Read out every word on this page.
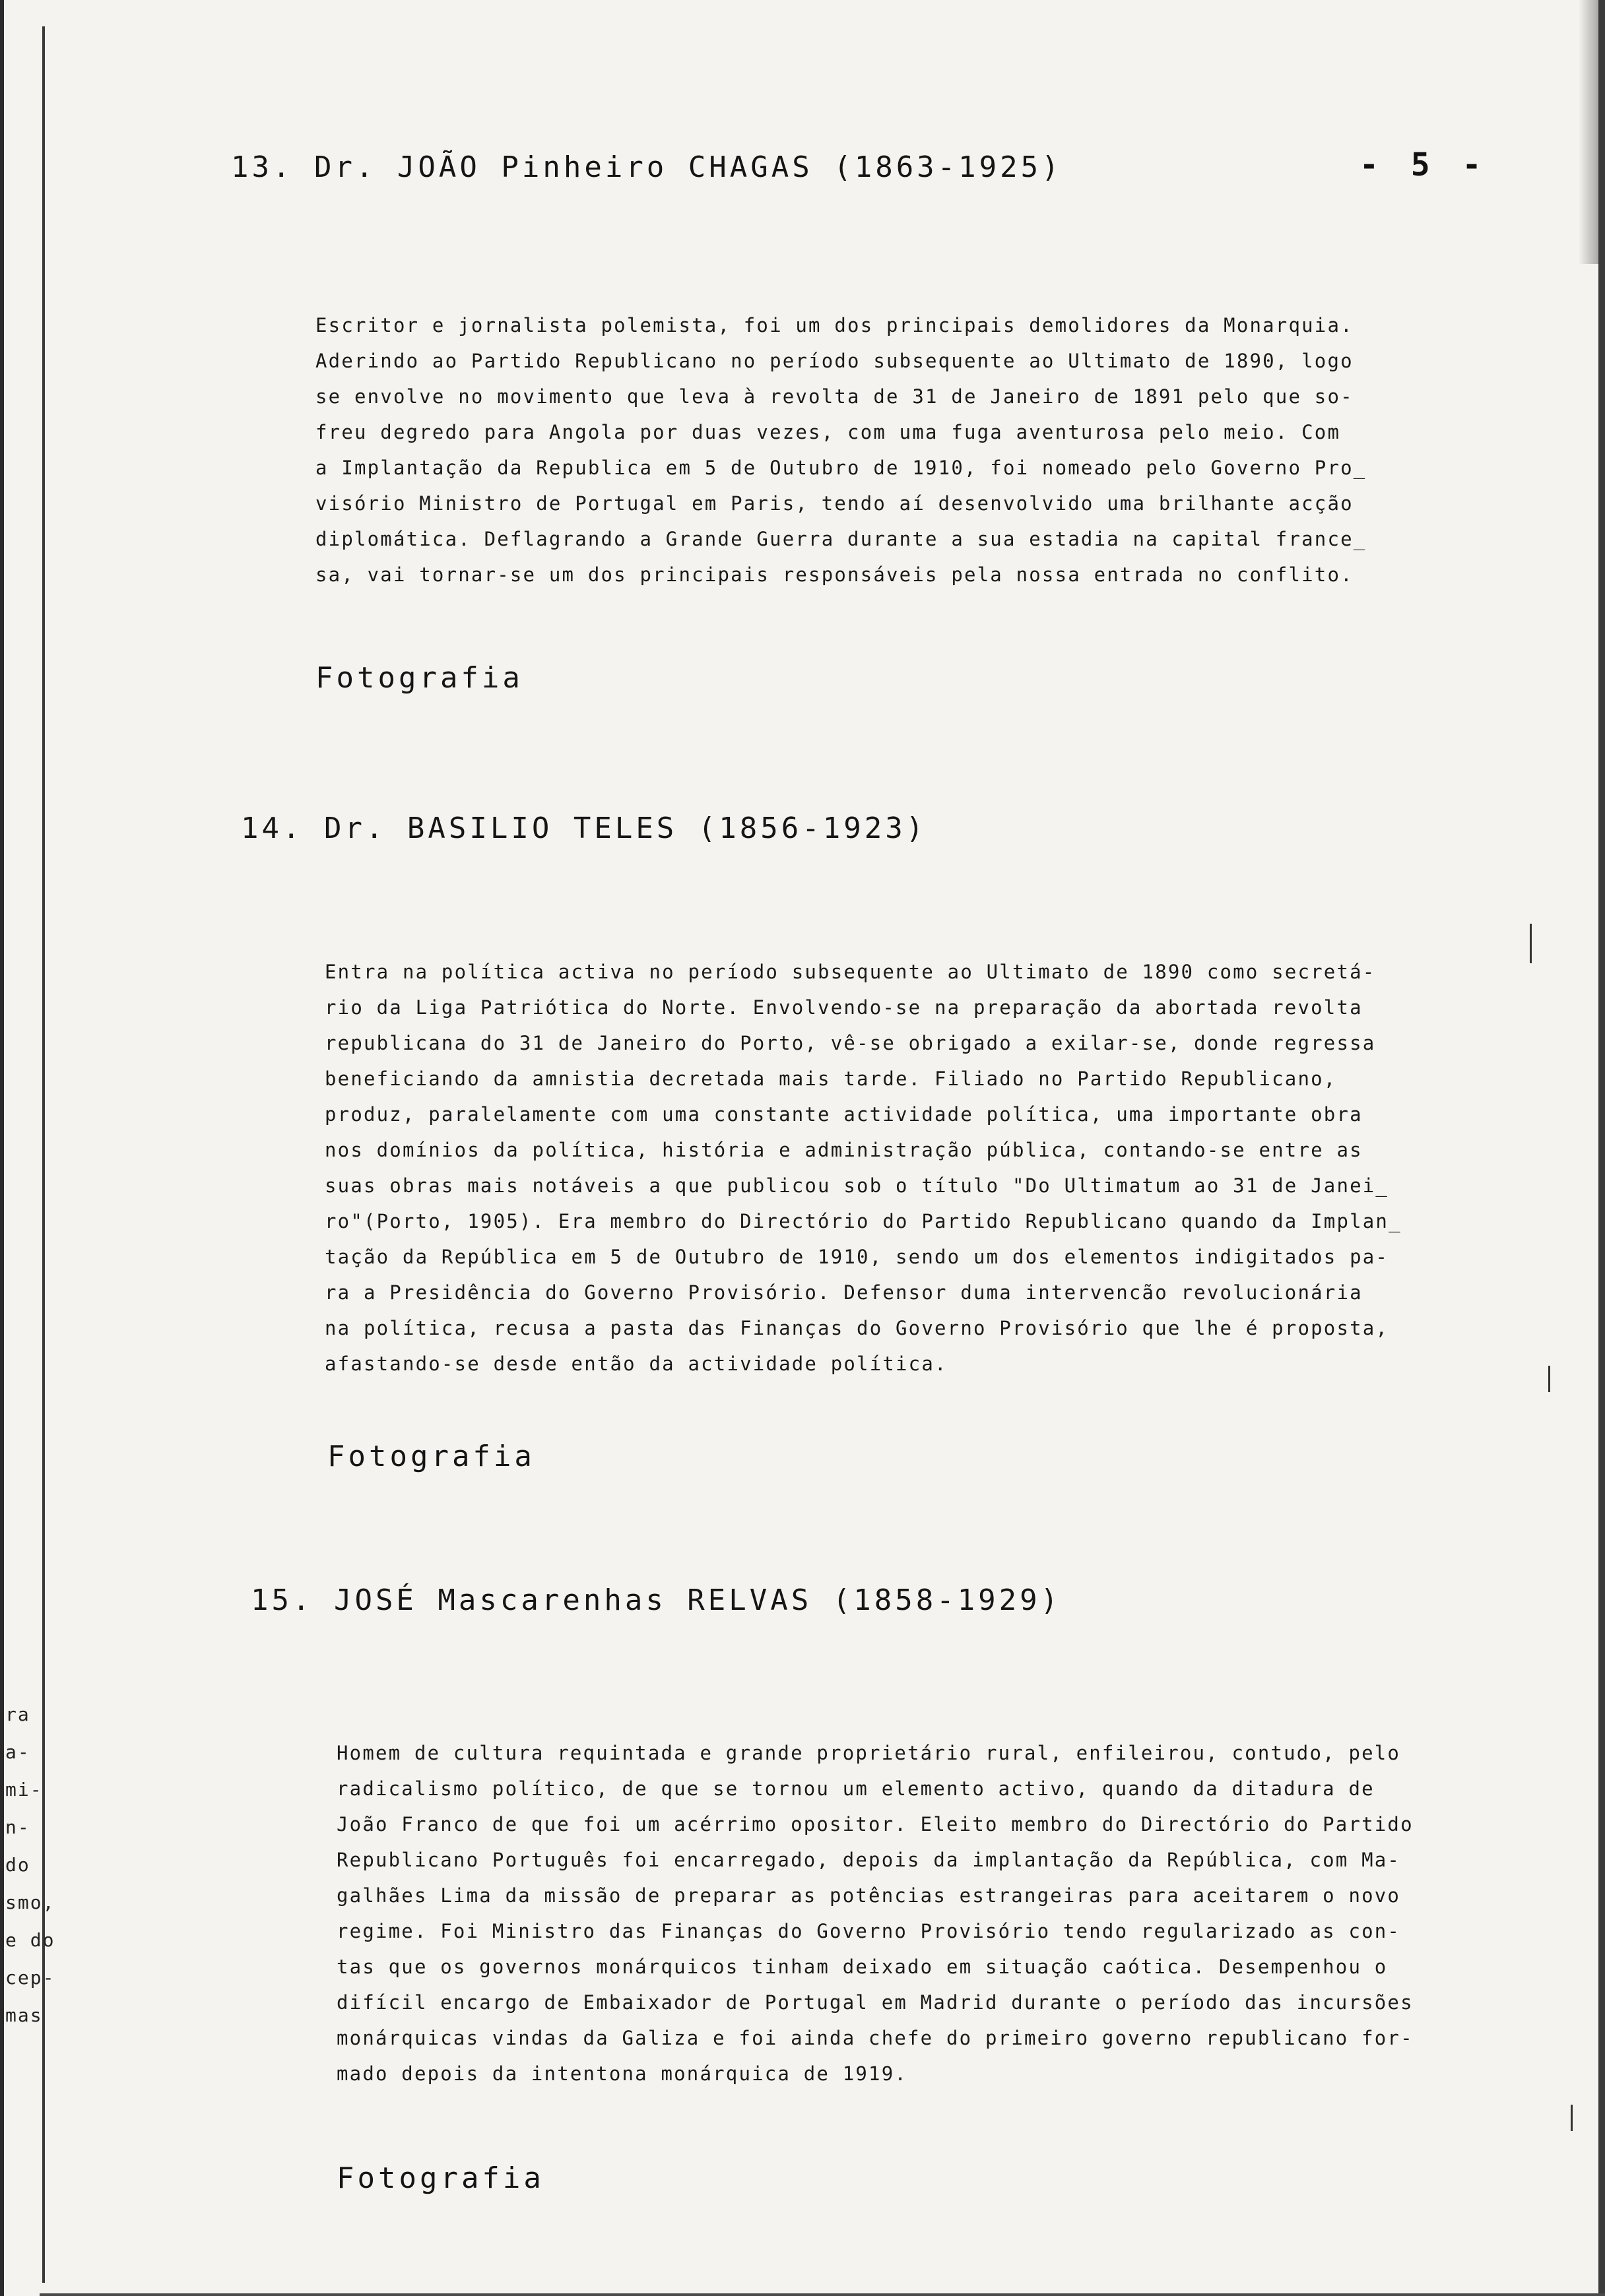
ra
a-
mi-
n-
do
smo,
e do
cep-
mas
- 5 -
13. Dr. JOÃO Pinheiro CHAGAS (1863-1925)
Escritor e jornalista polemista, foi um dos principais demolidores da Monarquia.
Aderindo ao Partido Republicano no período subsequente ao Ultimato de 1890, logo
se envolve no movimento que leva à revolta de 31 de Janeiro de 1891 pelo que so-
freu degredo para Angola por duas vezes, com uma fuga aventurosa pelo meio. Com
a Implantação da Republica em 5 de Outubro de 1910, foi nomeado pelo Governo Pro_
visório Ministro de Portugal em Paris, tendo aí desenvolvido uma brilhante acção
diplomática. Deflagrando a Grande Guerra durante a sua estadia na capital france_
sa, vai tornar-se um dos principais responsáveis pela nossa entrada no conflito.
Fotografia
14. Dr. BASILIO TELES (1856-1923)
Entra na política activa no período subsequente ao Ultimato de 1890 como secretá-
rio da Liga Patriótica do Norte. Envolvendo-se na preparação da abortada revolta
republicana do 31 de Janeiro do Porto, vê-se obrigado a exilar-se, donde regressa
beneficiando da amnistia decretada mais tarde. Filiado no Partido Republicano,
produz, paralelamente com uma constante actividade política, uma importante obra
nos domínios da política, história e administração pública, contando-se entre as
suas obras mais notáveis a que publicou sob o título "Do Ultimatum ao 31 de Janei_
ro"(Porto, 1905). Era membro do Directório do Partido Republicano quando da Implan_
tação da República em 5 de Outubro de 1910, sendo um dos elementos indigitados pa-
ra a Presidência do Governo Provisório. Defensor duma intervencão revolucionária
na política, recusa a pasta das Finanças do Governo Provisório que lhe é proposta,
afastando-se desde então da actividade política.
Fotografia
15. JOSÉ Mascarenhas RELVAS (1858-1929)
Homem de cultura requintada e grande proprietário rural, enfileirou, contudo, pelo
radicalismo político, de que se tornou um elemento activo, quando da ditadura de
João Franco de que foi um acérrimo opositor. Eleito membro do Directório do Partido
Republicano Português foi encarregado, depois da implantação da República, com Ma-
galhães Lima da missão de preparar as potências estrangeiras para aceitarem o novo
regime. Foi Ministro das Finanças do Governo Provisório tendo regularizado as con-
tas que os governos monárquicos tinham deixado em situação caótica. Desempenhou o
difícil encargo de Embaixador de Portugal em Madrid durante o período das incursões
monárquicas vindas da Galiza e foi ainda chefe do primeiro governo republicano for-
mado depois da intentona monárquica de 1919.
Fotografia
